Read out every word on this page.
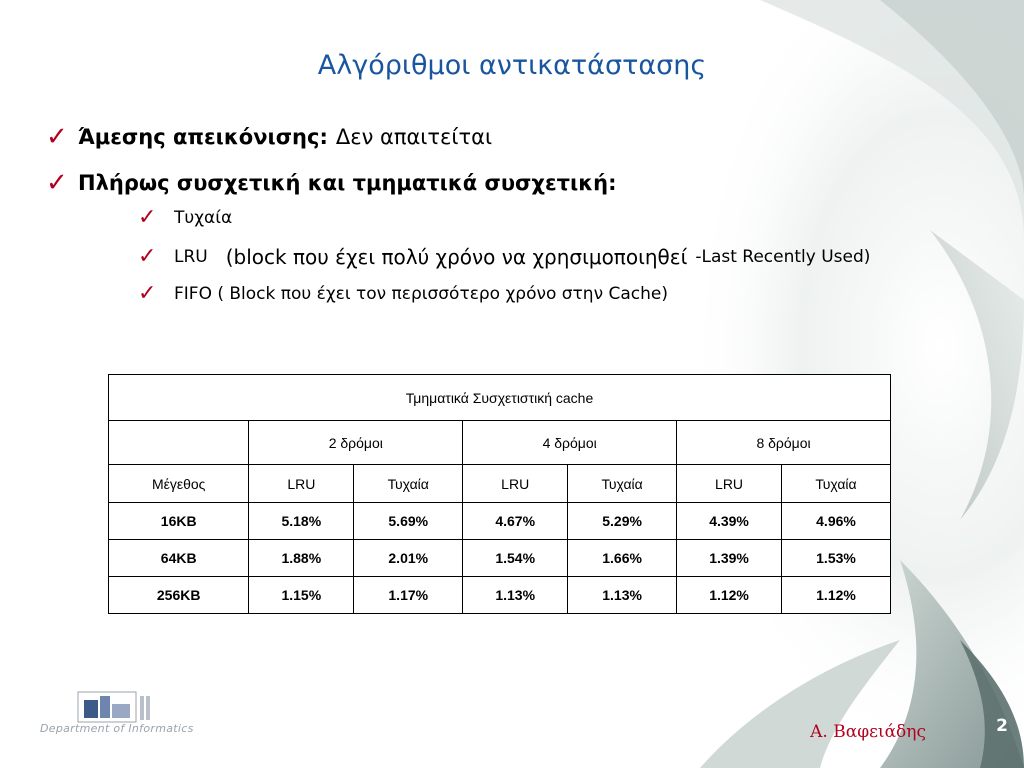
Αλγόριθμοι αντικατάστασης
✓ Άμεσης απεικόνισης: Δεν απαιτείται
✓ Πλήρως συσχετική και τμηματικά συσχετική:
✓	Τυχαία
✓	LRU (block που έχει πολύ χρόνο να χρησιμοποιηθεί -Last Recently Used)
✓	FIFO ( Block που έχει τον περισσότερο χρόνο στην Cache)
Τμηματικά Συσχετιστική cache						
	2 δρόμοι		4 δρόμοι		8 δρόμοι	
Μέγεθος	LRU	Τυχαία	LRU	Τυχαία	LRU	Τυχαία
16KB	5.18%	5.69%	4.67%	5.29%	4.39%	4.96%
64KB	1.88%	2.01%	1.54%	1.66%	1.39%	1.53%
256KB	1.15%	1.17%	1.13%	1.13%	1.12%	1.12%
Department of Informatics	Α. Βαφειάδης	2
